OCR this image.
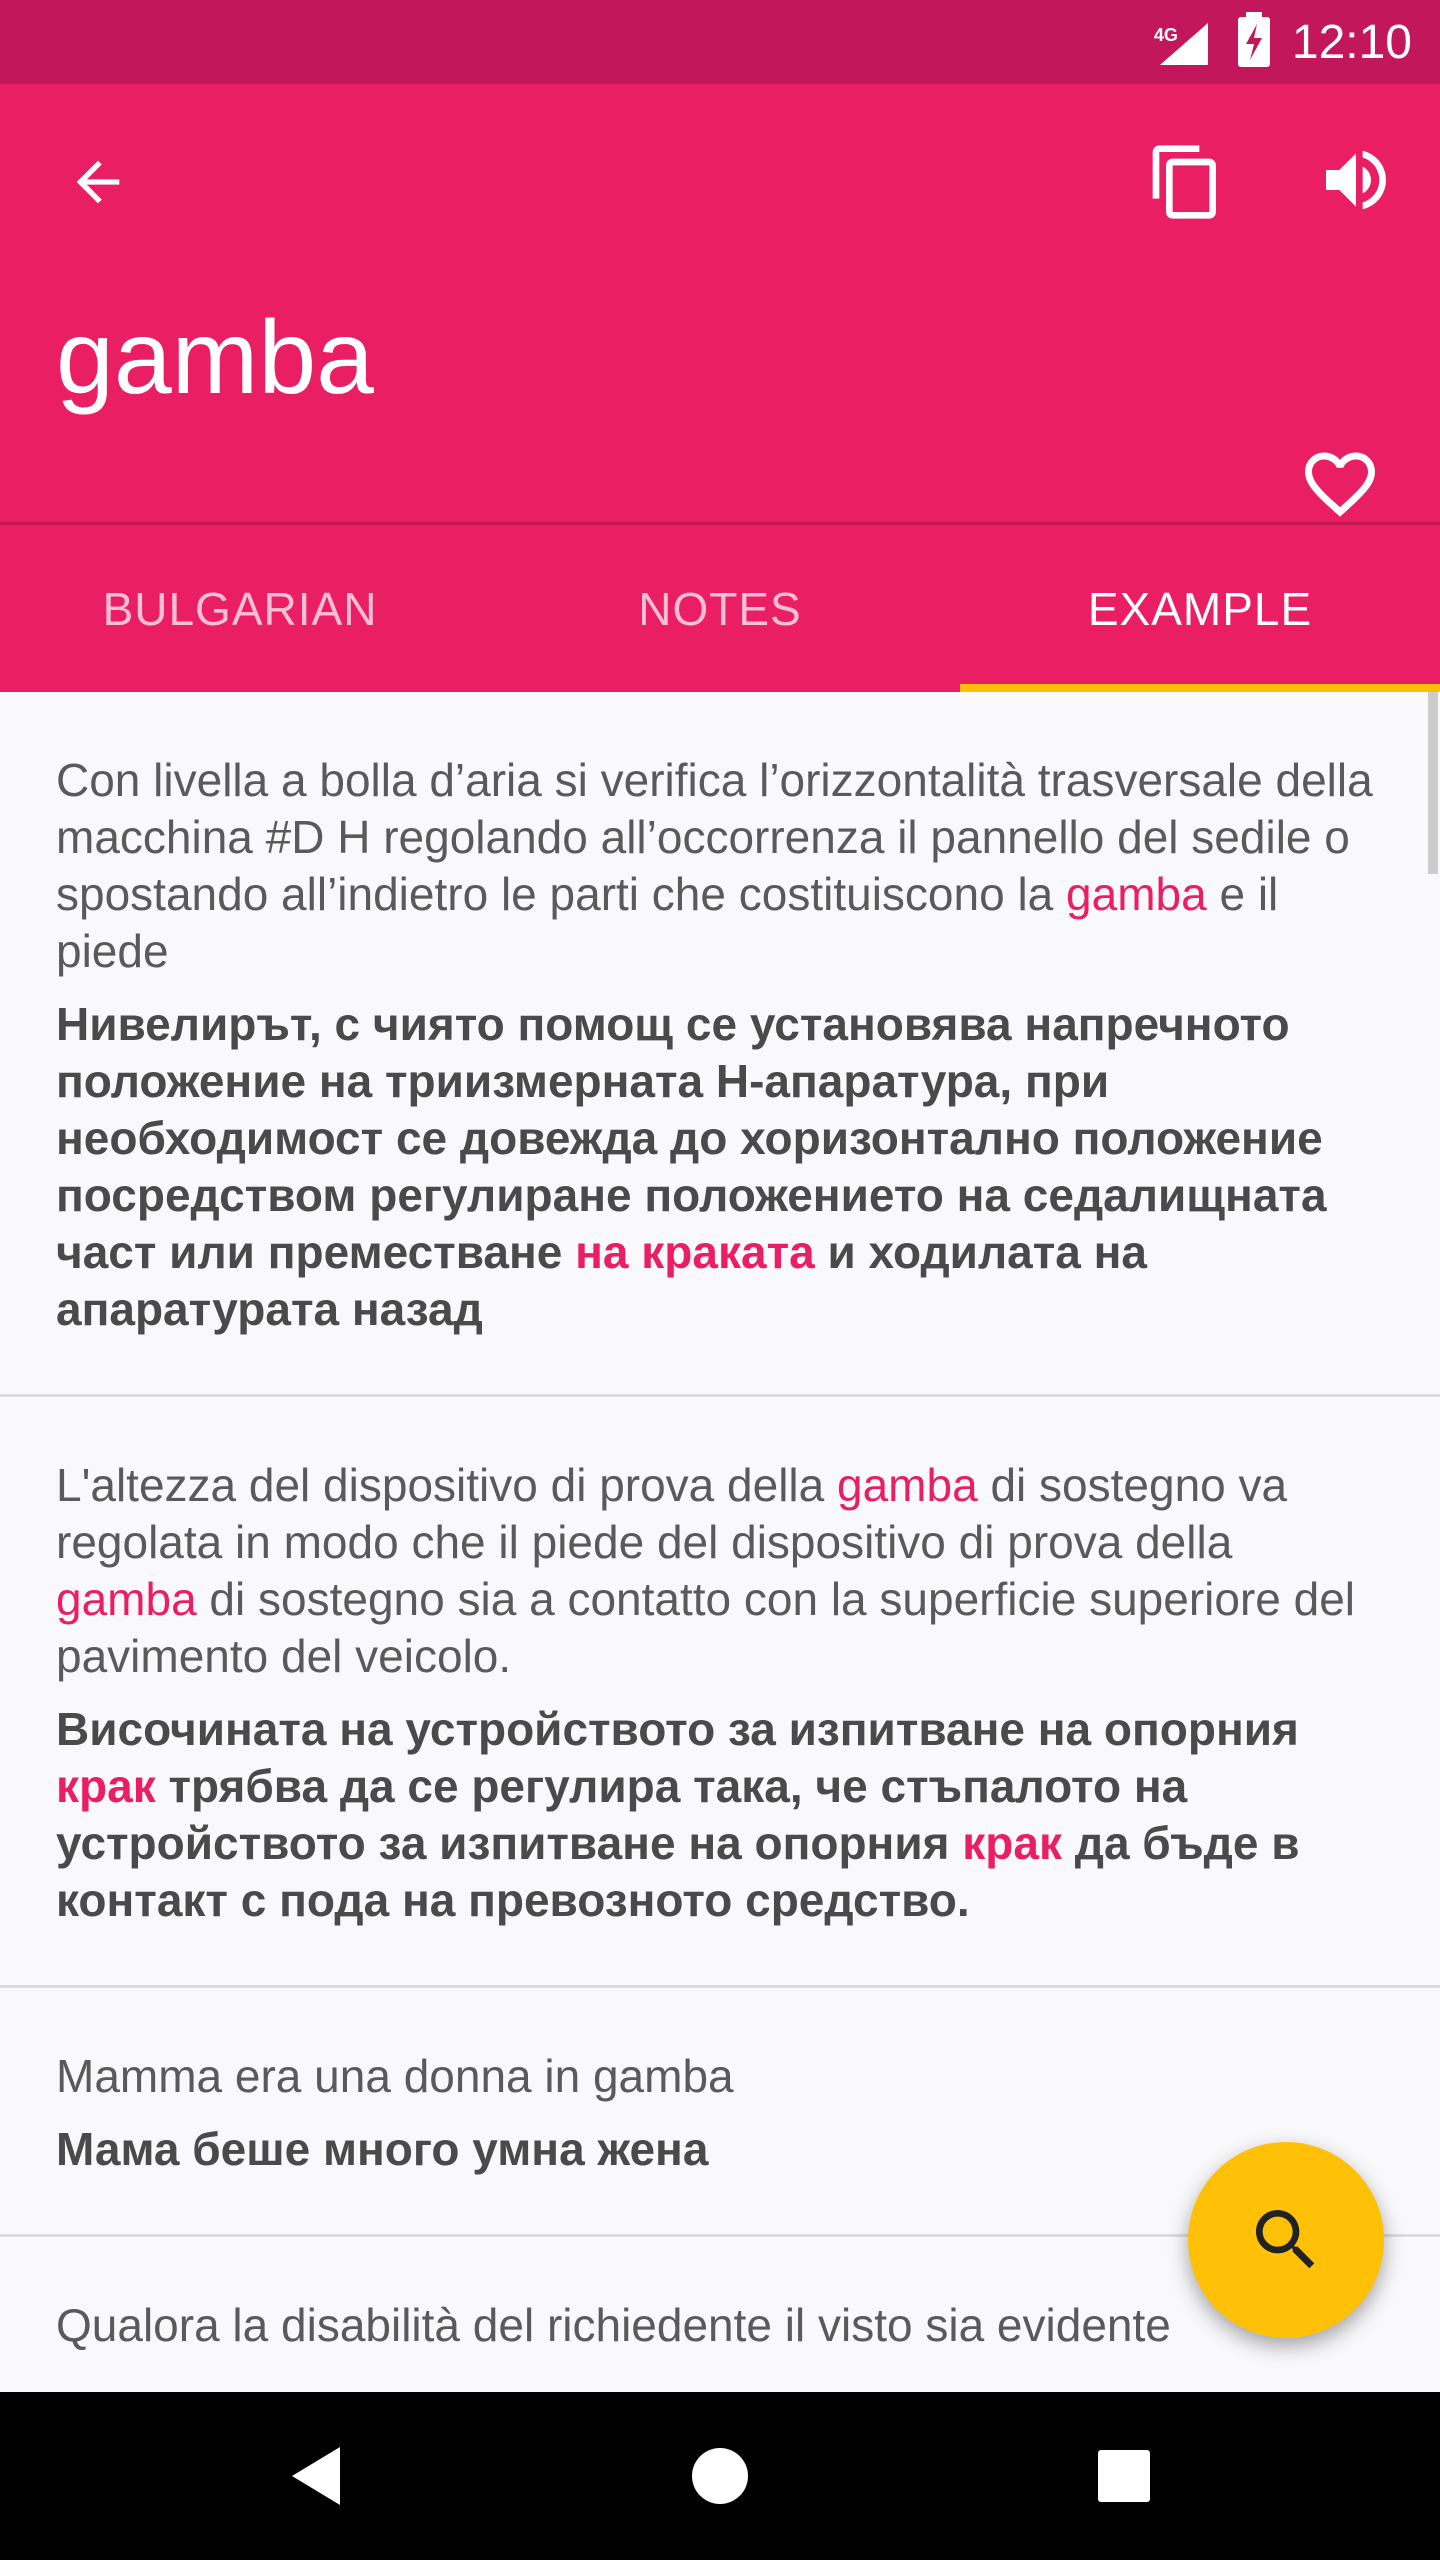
4G 12:10
gamba
BULGARIAN	NOTES	EXAMPLE
Con livella a bolla d’aria si verifica l’orizzontalità trasversale della macchina #D H regolando all’occorrenza il pannello del sedile o spostando all’indietro le parti che costituiscono la gamba e il piede
Нивелирът, с чиято помощ се установява напречното положение на триизмерната Н-апаратура, при необходимост се довежда до хоризонтално положение посредством регулиране положението на седалищната част или преместване на краката и ходилата на апаратурата назад
L'altezza del dispositivo di prova della gamba di sostegno va regolata in modo che il piede del dispositivo di prova della gamba di sostegno sia a contatto con la superficie superiore del pavimento del veicolo.
Височината на устройството за изпитване на опорния крак трябва да се регулира така, че стъпалото на устройството за изпитване на опорния крак да бъде в контакт с пода на превозното средство.
Mamma era una donna in gamba
Мама беше много умна жена
Qualora la disabilità del richiedente il visto sia evidente
